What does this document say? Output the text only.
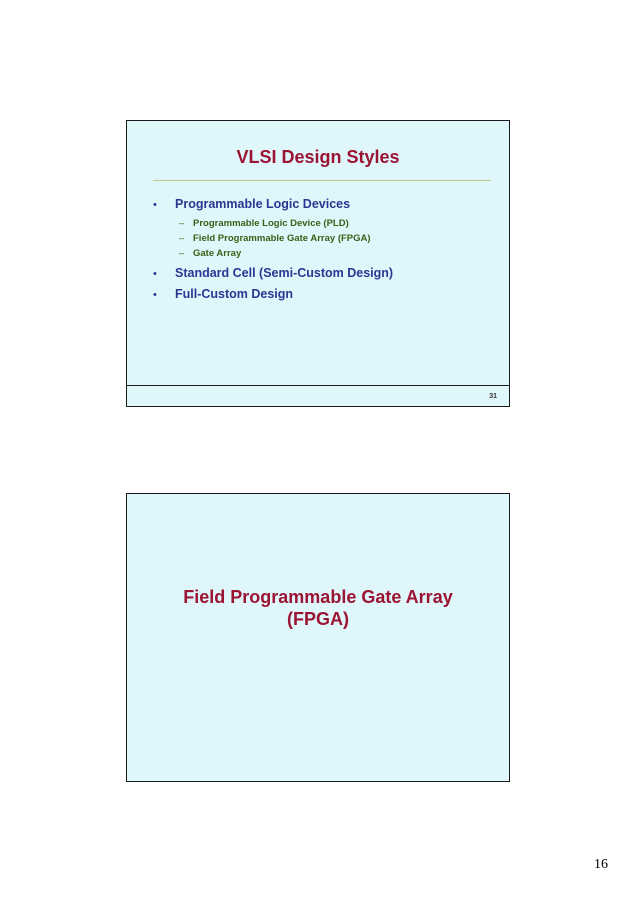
VLSI Design Styles
•	Programmable Logic Devices
– Programmable Logic Device (PLD)
– Field Programmable Gate Array (FPGA)
– Gate Array
•	Standard Cell (Semi-Custom Design)
•	Full-Custom Design
31
Field Programmable Gate Array
(FPGA)
16
